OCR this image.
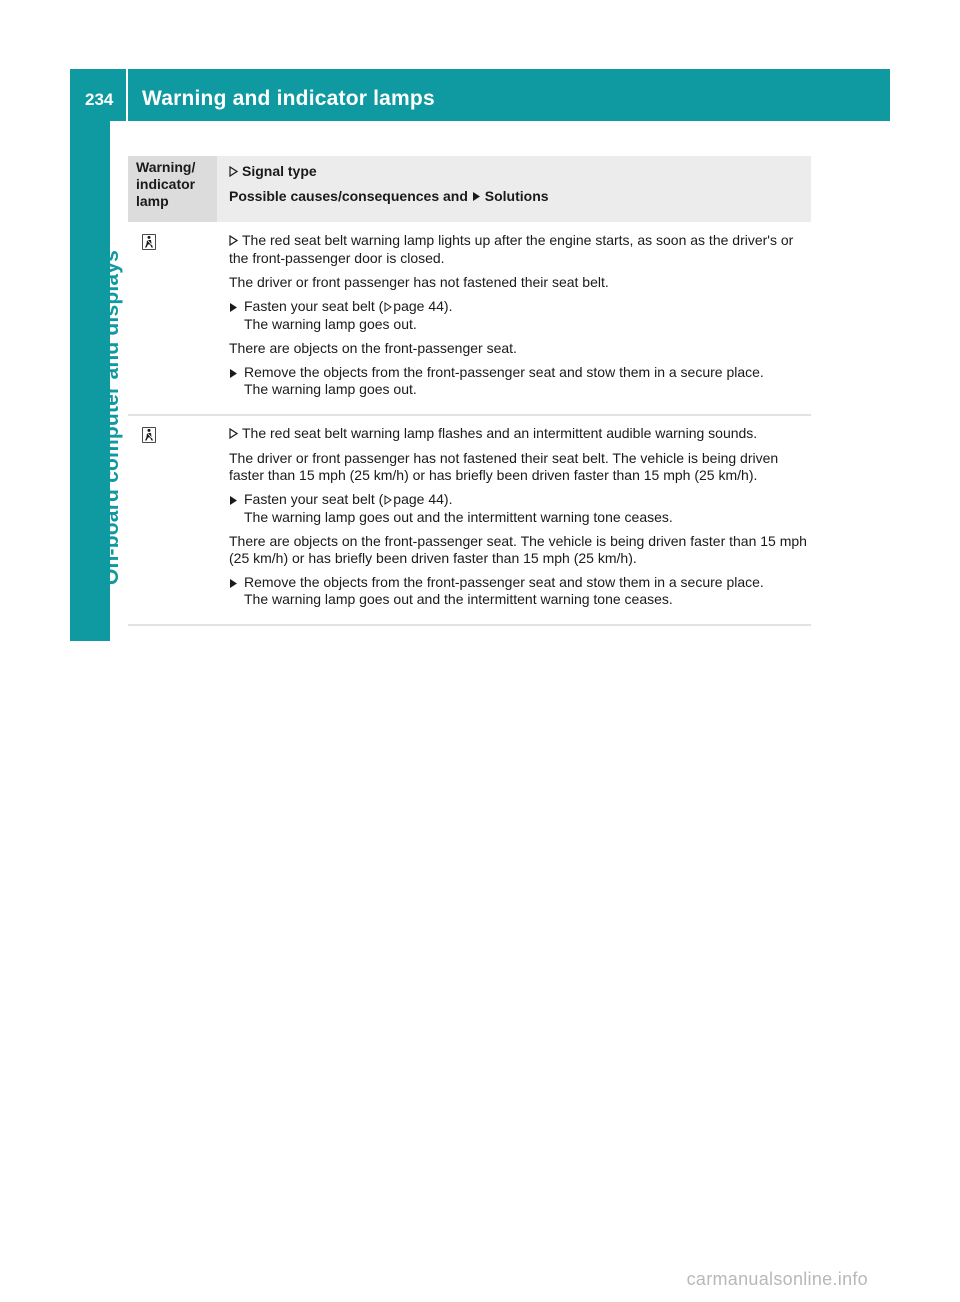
234 Warning and indicator lamps
On-board computer and displays
Warning/ indicator lamp
Signal type
Possible causes/consequences and Solutions

The red seat belt warning lamp lights up after the engine starts, as soon as the driver's or the front-passenger door is closed.

The driver or front passenger has not fastened their seat belt.

Fasten your seat belt ( page 44).
The warning lamp goes out.

There are objects on the front-passenger seat.

Remove the objects from the front-passenger seat and stow them in a secure place.
The warning lamp goes out.

The red seat belt warning lamp flashes and an intermittent audible warning sounds.

The driver or front passenger has not fastened their seat belt. The vehicle is being driven faster than 15 mph (25 km/h) or has briefly been driven faster than 15 mph (25 km/h).

Fasten your seat belt ( page 44).
The warning lamp goes out and the intermittent warning tone ceases.

There are objects on the front-passenger seat. The vehicle is being driven faster than 15 mph (25 km/h) or has briefly been driven faster than 15 mph (25 km/h).

Remove the objects from the front-passenger seat and stow them in a secure place.
The warning lamp goes out and the intermittent warning tone ceases.
carmanualsonline.info
